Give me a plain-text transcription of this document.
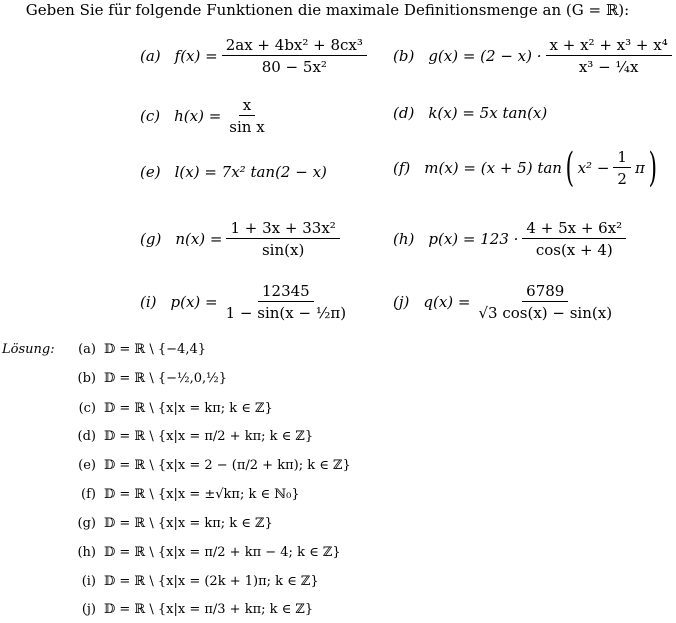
Geben Sie für folgende Funktionen die maximale Definitionsmenge an (G = ℝ):
(a) $f(x) = \frac{\text{2ax + 4bx² + 8cx³}}{\text{80 − 5x²}} (b) g(x) = (2 - x) \cdot \frac{\text{x + x² + x³ + x⁴}}{\text{x³ − ¼x}}$
(c) $h(x) = \frac{x}{\text{sin x}}$	(d) k(x) = 5x tan(x)
(e) l(x) = 7x² tan(2 − x)	(f) m(x) = (x + 5) tan ( $x^2 - \frac{1}{2}$ π )
(g) $n(x) = \frac{\text{1 + 3x + 33x²}}{\sin(x)}$	(h) $p(x) = 123 \cdot \frac{\text{4 + 5x + 6x²}}{\cos(x + 4)}$
(i) $p(x) = \frac{12345}{\text{1 − sin(x − ½π)}}$	(j) $q(x) = \frac{6789}{√3 \cos(x) - \sin(x)}$
Lösung:	(a) 𝔻 = ℝ \ {−4,4}
(b) 𝔻 = ℝ \ {−½,0,½}
(c) 𝔻 = ℝ \ {x|x = kπ; k ∈ ℤ}
(d) 𝔻 = ℝ \ {x|x = π/2 + kπ; k ∈ ℤ}
(e) 𝔻 = ℝ \ {x|x = 2 − (π/2 + kπ); k ∈ ℤ}
(f) 𝔻 = ℝ \ {x|x = ±√kπ; k ∈ ℕ₀}
(g) 𝔻 = ℝ \ {x|x = kπ; k ∈ ℤ}
(h) 𝔻 = ℝ \ {x|x = π/2 + kπ − 4; k ∈ ℤ}
(i) 𝔻 = ℝ \ {x|x = (2k + 1)π; k ∈ ℤ}
(j) 𝔻 = ℝ \ {x|x = π/3 + kπ; k ∈ ℤ}
